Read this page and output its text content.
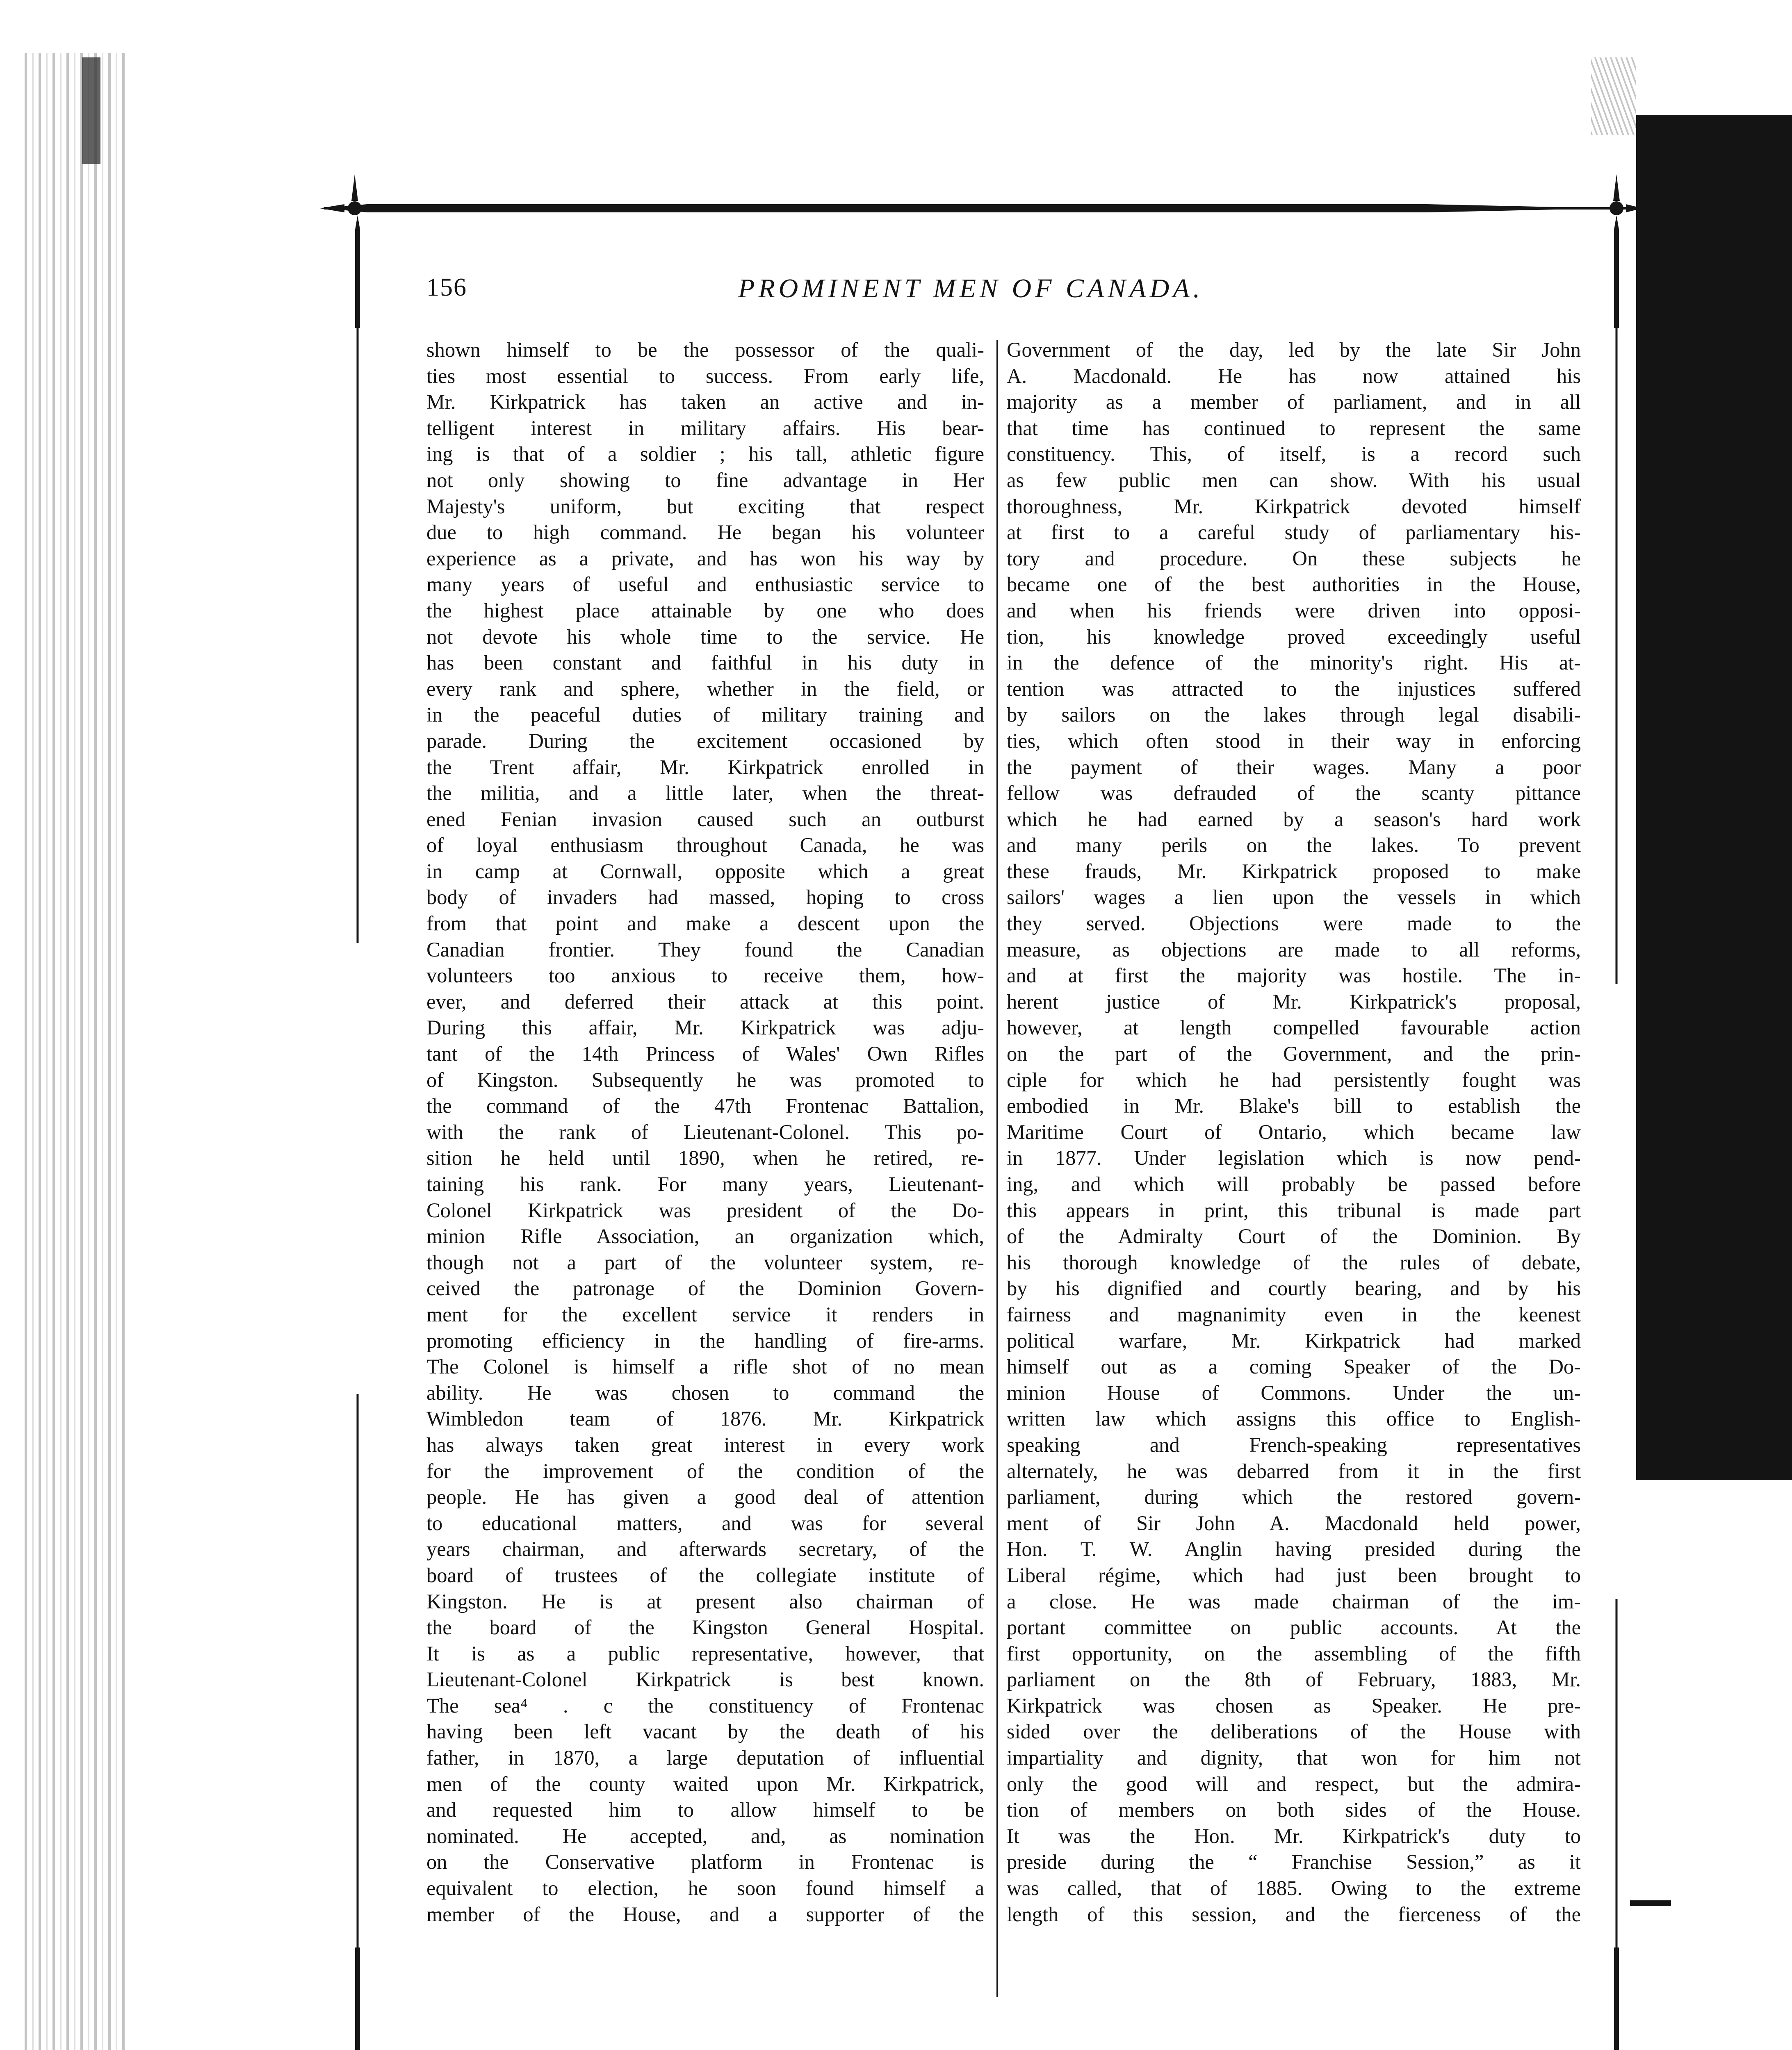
156	PROMINENT MEN OF CANADA.
shown himself to be the possessor of the quali-
ties most essential to success. From early life,
Mr. Kirkpatrick has taken an active and in-
telligent interest in military affairs. His bear-
ing is that of a soldier ; his tall, athletic figure
not only showing to fine advantage in Her
Majesty's uniform, but exciting that respect
due to high command. He began his volunteer
experience as a private, and has won his way by
many years of useful and enthusiastic service to
the highest place attainable by one who does
not devote his whole time to the service. He
has been constant and faithful in his duty in
every rank and sphere, whether in the field, or
in the peaceful duties of military training and
parade. During the excitement occasioned by
the Trent affair, Mr. Kirkpatrick enrolled in
the militia, and a little later, when the threat-
ened Fenian invasion caused such an outburst
of loyal enthusiasm throughout Canada, he was
in camp at Cornwall, opposite which a great
body of invaders had massed, hoping to cross
from that point and make a descent upon the
Canadian frontier. They found the Canadian
volunteers too anxious to receive them, how-
ever, and deferred their attack at this point.
During this affair, Mr. Kirkpatrick was adju-
tant of the 14th Princess of Wales' Own Rifles
of Kingston. Subsequently he was promoted to
the command of the 47th Frontenac Battalion,
with the rank of Lieutenant-Colonel. This po-
sition he held until 1890, when he retired, re-
taining his rank. For many years, Lieutenant-
Colonel Kirkpatrick was president of the Do-
minion Rifle Association, an organization which,
though not a part of the volunteer system, re-
ceived the patronage of the Dominion Govern-
ment for the excellent service it renders in
promoting efficiency in the handling of fire-arms.
The Colonel is himself a rifle shot of no mean
ability. He was chosen to command the
Wimbledon team of 1876. Mr. Kirkpatrick
has always taken great interest in every work
for the improvement of the condition of the
people. He has given a good deal of attention
to educational matters, and was for several
years chairman, and afterwards secretary, of the
board of trustees of the collegiate institute of
Kingston. He is at present also chairman of
the board of the Kingston General Hospital.
It is as a public representative, however, that
Lieutenant-Colonel Kirkpatrick is best known.
The sea⁴ . с the constituency of Frontenac
having been left vacant by the death of his
father, in 1870, a large deputation of influential
men of the county waited upon Mr. Kirkpatrick,
and requested him to allow himself to be
nominated. He accepted, and, as nomination
on the Conservative platform in Frontenac is
equivalent to election, he soon found himself a
member of the House, and a supporter of the
Government of the day, led by the late Sir John
A. Macdonald. He has now attained his
majority as a member of parliament, and in all
that time has continued to represent the same
constituency. This, of itself, is a record such
as few public men can show. With his usual
thoroughness, Mr. Kirkpatrick devoted himself
at first to a careful study of parliamentary his-
tory and procedure. On these subjects he
became one of the best authorities in the House,
and when his friends were driven into opposi-
tion, his knowledge proved exceedingly useful
in the defence of the minority's right. His at-
tention was attracted to the injustices suffered
by sailors on the lakes through legal disabili-
ties, which often stood in their way in enforcing
the payment of their wages. Many a poor
fellow was defrauded of the scanty pittance
which he had earned by a season's hard work
and many perils on the lakes. To prevent
these frauds, Mr. Kirkpatrick proposed to make
sailors' wages a lien upon the vessels in which
they served. Objections were made to the
measure, as objections are made to all reforms,
and at first the majority was hostile. The in-
herent justice of Mr. Kirkpatrick's proposal,
however, at length compelled favourable action
on the part of the Government, and the prin-
ciple for which he had persistently fought was
embodied in Mr. Blake's bill to establish the
Maritime Court of Ontario, which became law
in 1877. Under legislation which is now pend-
ing, and which will probably be passed before
this appears in print, this tribunal is made part
of the Admiralty Court of the Dominion. By
his thorough knowledge of the rules of debate,
by his dignified and courtly bearing, and by his
fairness and magnanimity even in the keenest
political warfare, Mr. Kirkpatrick had marked
himself out as a coming Speaker of the Do-
minion House of Commons. Under the un-
written law which assigns this office to English-
speaking and French-speaking representatives
alternately, he was debarred from it in the first
parliament, during which the restored govern-
ment of Sir John A. Macdonald held power,
Hon. T. W. Anglin having presided during the
Liberal régime, which had just been brought to
a close. He was made chairman of the im-
portant committee on public accounts. At the
first opportunity, on the assembling of the fifth
parliament on the 8th of February, 1883, Mr.
Kirkpatrick was chosen as Speaker. He pre-
sided over the deliberations of the House with
impartiality and dignity, that won for him not
only the good will and respect, but the admira-
tion of members on both sides of the House.
It was the Hon. Mr. Kirkpatrick's duty to
preside during the “ Franchise Session,” as it
was called, that of 1885. Owing to the extreme
length of this session, and the fierceness of the
